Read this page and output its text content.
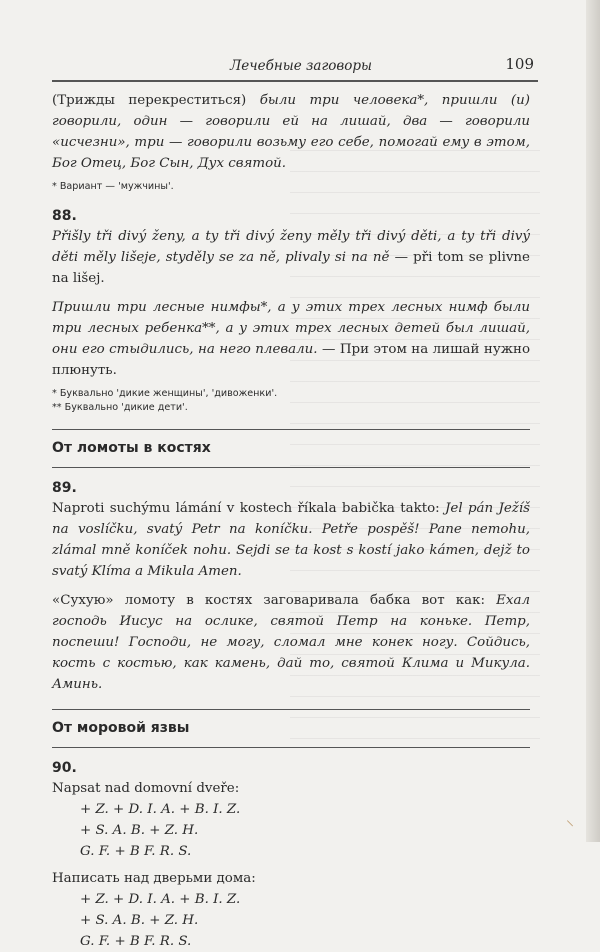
Лечебные заговоры	109

(Трижды перекреститься) были три человека*, пришли (и) говорили, один — говорили ей на лишай, два — говорили «исчезни», три — говорили возьму его себе, помогай ему в этом, Бог Отец, Бог Сын, Дух святой.

* Вариант — 'мужчины'.

88.

Přišly tři divý ženy, a ty tři divý ženy měly tři divý děti, a ty tři divý děti měly lišeje, styděly se za ně, plivaly si na ně — při tom se plivne na lišej.

Пришли три лесные нимфы*, а у этих трех лесных нимф были три лесных ребенка**, а у этих трех лесных детей был лишай, они его стыдились, на него плевали. — При этом на лишай нужно плюнуть.

* Буквально 'дикие женщины', 'дивоженки'.

** Буквально 'дикие дети'.

От ломоты в костях
89.

Naproti suchýmu lámání v kostech říkala babička takto: Jel pán Ježíš na voslíčku, svatý Petr na koníčku. Petře pospěš! Pane nemohu, zlámal mně koníček nohu. Sejdi se ta kost s kostí jako kámen, dejž to svatý Klíma a Mikula Amen.

«Сухую» ломоту в костях заговаривала бабка вот как: Ехал господь Иисус на ослике, святой Петр на коньке. Петр, поспеши! Господи, не могу, сломал мне конек ногу. Сойдись, кость с костью, как камень, дай то, святой Клима и Микула. Аминь.

От моровой язвы
90.

Napsat nad domovní dveře:

+ Z. + D. I. A. + B. I. Z.
+ S. A. B. + Z. H.
G. F. + B F. R. S.

Написать над дверьми дома:

+ Z. + D. I. A. + B. I. Z.
+ S. A. B. + Z. H.
G. F. + B F. R. S.
⸜
